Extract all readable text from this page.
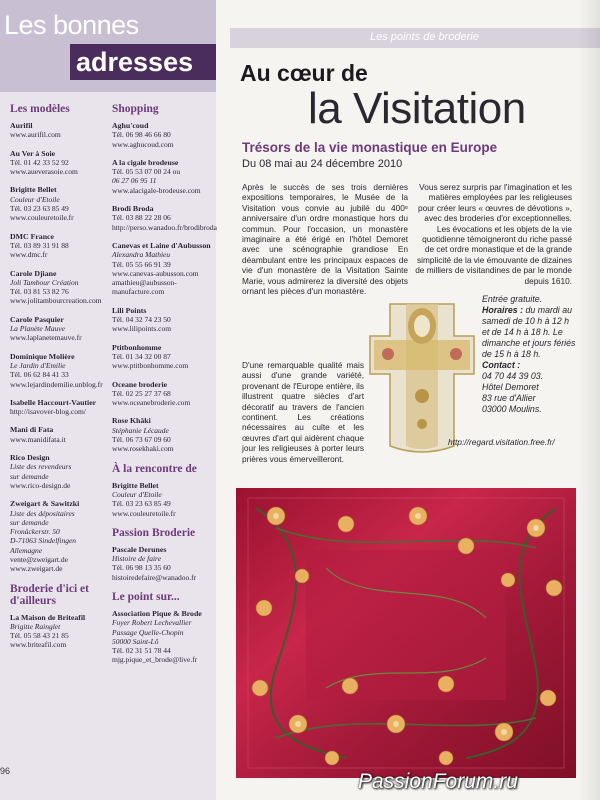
Les bonnes
adresses
Les modèles
Aurifil
www.aurifil.com
Au Ver à Soie
Tél. 01 42 33 52 92
www.aueverasoie.com
Brigitte Bellet
Couleur d'Etoile
Tél. 03 23 63 85 49
www.couleuretoile.fr
DMC France
Tél. 03 89 31 91 88
www.dmc.fr
Carole Djiane
Joli Tambour Création
Tél. 03 81 53 82 76
www.jolitambourcreation.com
Carole Pasquier
La Planète Mauve
www.laplanetemauve.fr
Dominique Molière
Le Jardin d'Emilie
Tél. 06 62 84 41 33
www.lejardindemilie.unblog.fr
Isabelle Haccourt-Vautier
http://isavover-blog.com/
Mani di Fata
www.manidifata.it
Rico Design
Liste des revendeurs
sur demande
www.rico-design.de
Zweigart & Sawitzki
Liste des dépositaires
sur demande
Fronäckerstr. 50
D-71063 Sindelfingen
Allemagne
vente@zweigart.de
www.zweigart.de
Broderie d'ici et d'ailleurs
La Maison de Briteafil
Brigitte Rainglet
Tél. 05 58 43 21 85
www.briteafil.com
Shopping
Aghu'coud
Tél. 06 98 46 66 80
www.aghucoud.com
A la cigale brodeuse
Tél. 05 53 07 00 24 ou
06 27 06 95 11
www.alacigale-brodeuse.com
Brodi Broda
Tél. 03 88 22 28 06
http://perso.wanadoo.fr/brodibroda
Canevas et Laine d'Aubusson
Alexandra Mathieu
Tél. 05 55 66 91 39
www.canevas-aubusson.com
amathieu@aubusson-manufacture.com
Lili Points
Tél. 04 32 74 23 50
www.lilipoints.com
Ptitbonhomme
Tél. 01 34 32 00 87
www.ptitbonhomme.com
Oceane broderie
Tél. 02 25 27 37 68
www.oceanebroderie.com
Rose Khâki
Stéphanie Lécaude
Tél. 06 73 67 09 60
www.rosekhaki.com
À la rencontre de
Brigitte Bellet
Couleur d'Etoile
Tél. 03 23 63 85 49
www.couleuretoile.fr
Passion Broderie
Pascale Derunes
Histoire de faire
Tél. 06 98 13 35 60
histoiredefaire@wanadoo.fr
Le point sur...
Association Pique & Brode
Foyer Robert Lechevallier
Passage Quelle-Chopin
50000 Saint-Lô
Tél. 02 31 51 78 44
mjg.pique_et_brode@live.fr
Les points de broderie
Au cœur de
la Visitation
Trésors de la vie monastique en Europe
Du 08 mai au 24 décembre 2010
Après le succès de ses trois dernières expositions temporaires, le Musée de la Visitation vous convie au jubilé du 400ᵉ anniversaire d'un ordre monastique hors du commun. Pour l'occasion, un monastère imaginaire a été érigé en l'hôtel Demoret avec une scénographie grandiose En déambulant entre les principaux espaces de vie d'un monastère de la Visitation Sainte Marie, vous admirerez la diversité des objets ornant les pièces d'un monastère.
Vous serez surpris par l'imagination et les matières employées par les religieuses pour créer leurs « œuvres de dévotions », avec des broderies d'or exceptionnelles. Les évocations et les objets de la vie quotidienne témoigneront du riche passé de cet ordre monastique et de la grande simplicité de la vie émouvante de dizaines de milliers de visitandines de par le monde depuis 1610.
D'une remarquable qualité mais aussi d'une grande variété, provenant de l'Europe entière, ils illustrent quatre siècles d'art décoratif au travers de l'ancien continent. Les créations nécessaires au culte et les œuvres d'art qui aidèrent chaque jour les religieuses à porter leurs prières vous émerveilleront.
Entrée gratuite.
Horaires : du mardi au samedi de 10 h à 12 h et de 14 h à 18 h. Le dimanche et jours fériés de 15 h à 18 h.
Contact :
04 70 44 39 03.
Hôtel Demoret
83 rue d'Allier
03000 Moulins.
http://regard.visitation.free.fr/
96	PassionForum.ru
